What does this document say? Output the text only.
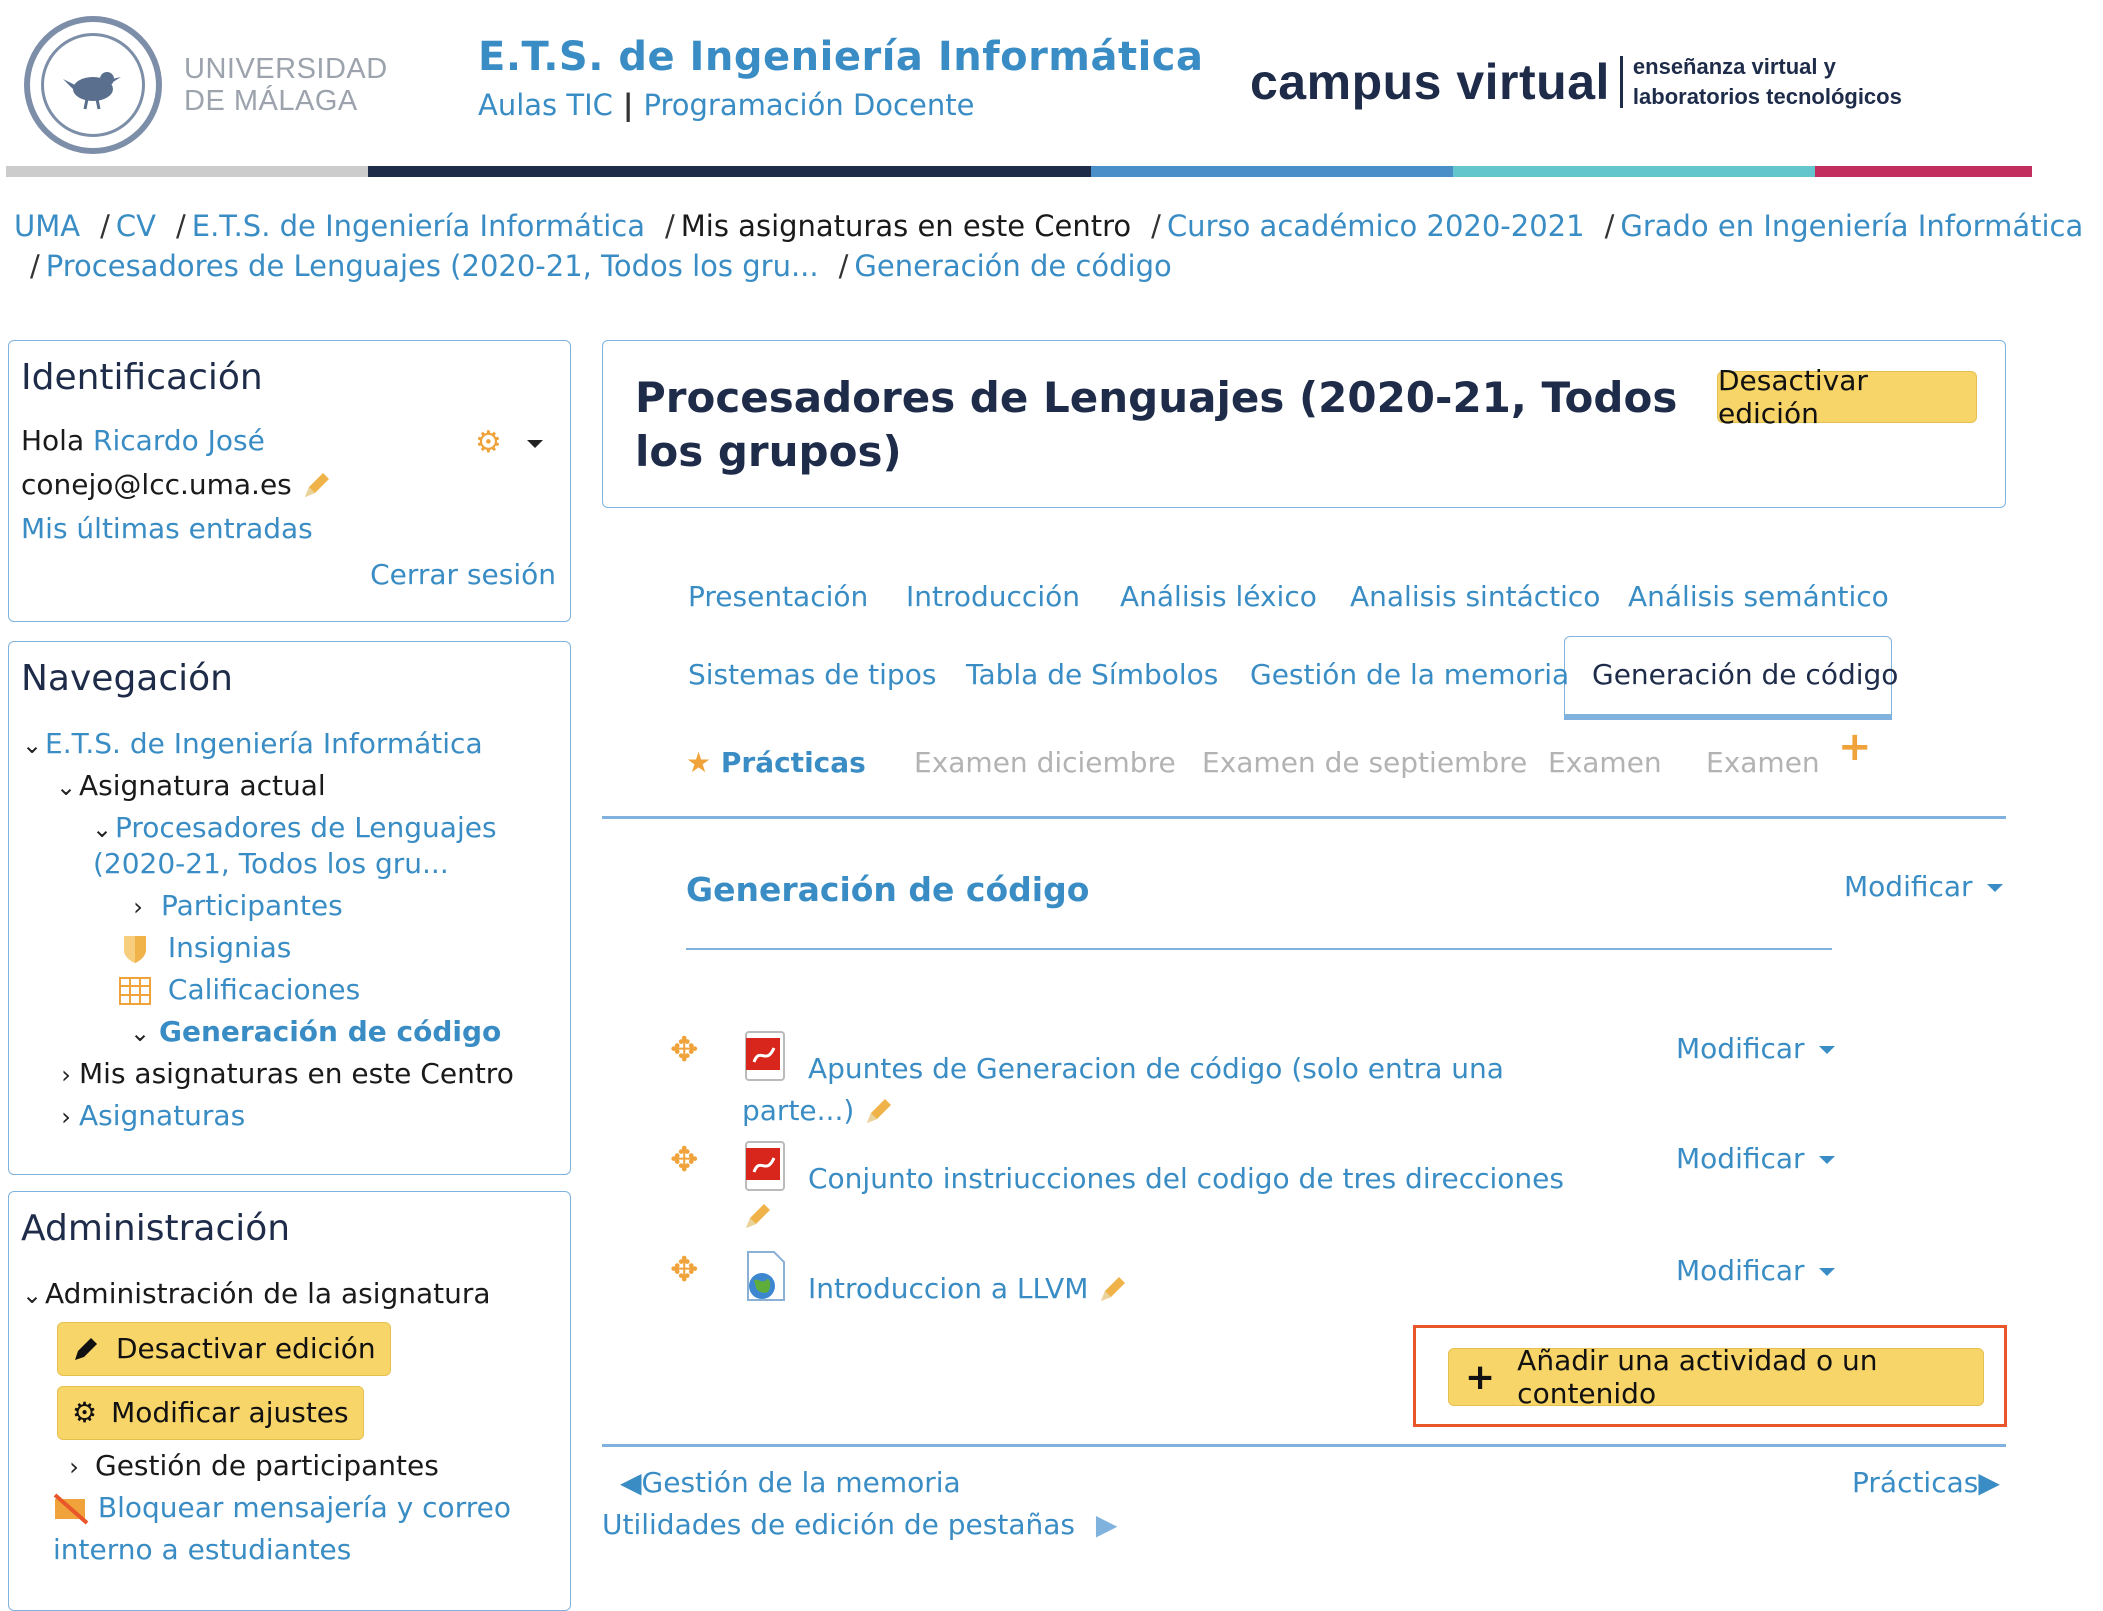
UNIVERSIDAD
DE MÁLAGA
E.T.S. de Ingeniería Informática
Aulas TIC | Programación Docente	campus virtual enseñanza virtual y
laboratorios tecnológicos
UMA / CV / E.T.S. de Ingeniería Informática / Mis asignaturas en este Centro / Curso académico 2020-2021 / Grado en Ingeniería Informática
/ Procesadores de Lenguajes (2020-21, Todos los gru... / Generación de código
Identificación
Hola Ricardo José	⚙
conejo@lcc.uma.es
Mis últimas entradas
Cerrar sesión
Navegación
⌄ E.T.S. de Ingeniería Informática
⌄ Asignatura actual
⌄ Procesadores de Lenguajes
(2020-21, Todos los gru...
› Participantes
Insignias
Calificaciones
⌄ Generación de código
› Mis asignaturas en este Centro
› Asignaturas
Administración
⌄ Administración de la asignatura
Desactivar edición
⚙ Modificar ajustes
› Gestión de participantes
Bloquear mensajería y correo
interno a estudiantes
Procesadores de Lenguajes (2020-21, Todos los grupos)
Desactivar edición
Presentación Introducción Análisis léxico Analisis sintáctico Análisis semántico
Sistemas de tipos Tabla de Símbolos Gestión de la memoria Generación de código
★ Prácticas Examen diciembre Examen de septiembre Examen Examen +
Generación de código	Modificar
✥	Apuntes de Generacion de código (solo entra una
parte...)
Modificar
✥	Conjunto instriucciones del codigo de tres direcciones
Modificar
✥	Introduccion a LLVM
Modificar
+ Añadir una actividad o un contenido
◀Gestión de la memoria	Prácticas▶
Utilidades de edición de pestañas ▶
